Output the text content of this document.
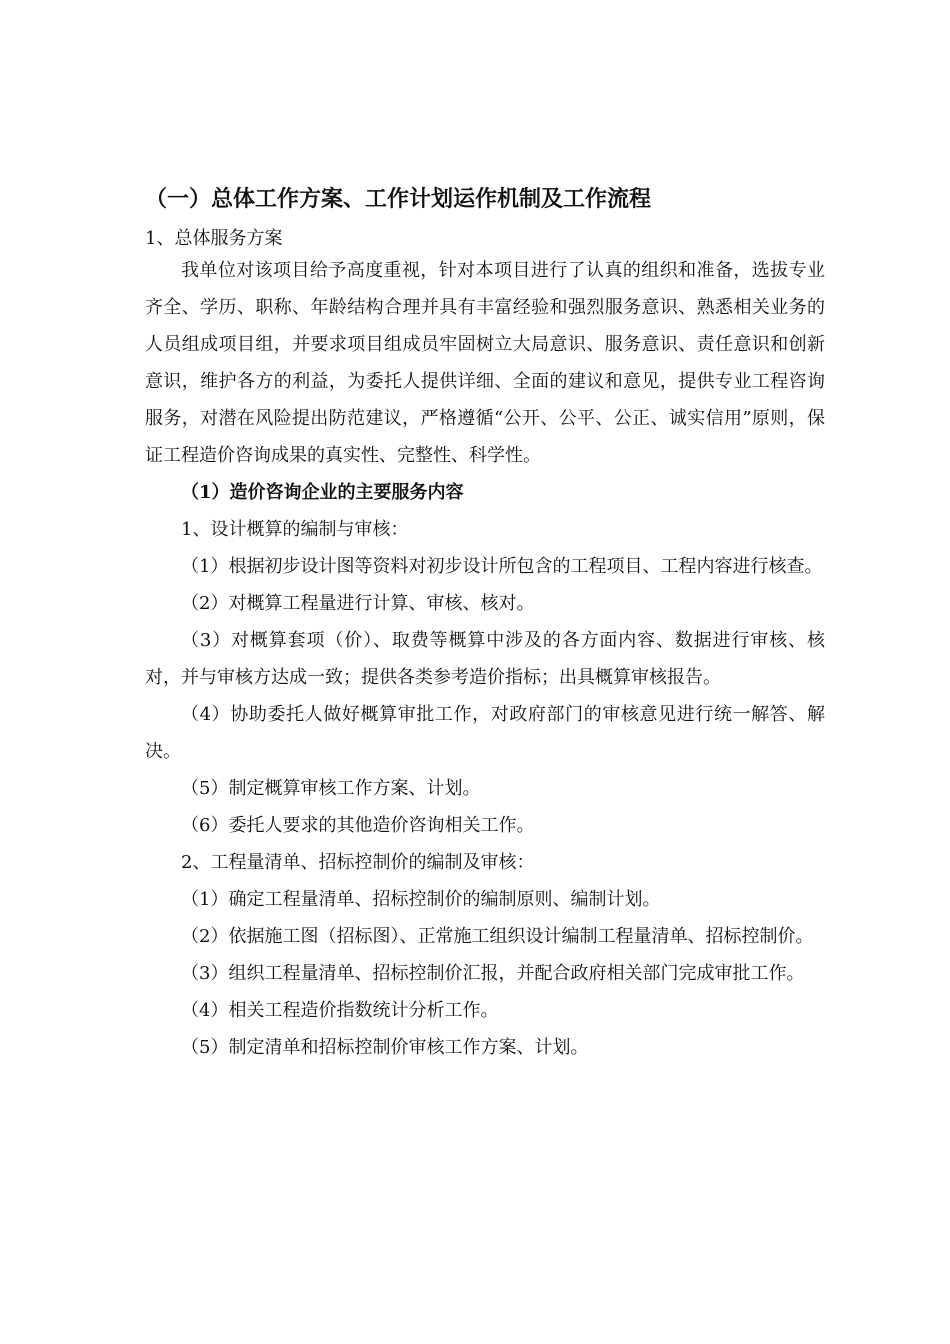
（一）总体工作方案、工作计划运作机制及工作流程

1、总体服务方案

我单位对该项目给予高度重视，针对本项目进行了认真的组织和准备，选拔专业齐全、学历、职称、年龄结构合理并具有丰富经验和强烈服务意识、熟悉相关业务的人员组成项目组，并要求项目组成员牢固树立大局意识、服务意识、责任意识和创新意识，维护各方的利益，为委托人提供详细、全面的建议和意见，提供专业工程咨询服务，对潜在风险提出防范建议，严格遵循“公开、公平、公正、诚实信用”原则，保证工程造价咨询成果的真实性、完整性、科学性。

（1）造价咨询企业的主要服务内容

1、设计概算的编制与审核：

（1）根据初步设计图等资料对初步设计所包含的工程项目、工程内容进行核查。

（2）对概算工程量进行计算、审核、核对。

（3）对概算套项（价）、取费等概算中涉及的各方面内容、数据进行审核、核对，并与审核方达成一致；提供各类参考造价指标；出具概算审核报告。

（4）协助委托人做好概算审批工作，对政府部门的审核意见进行统一解答、解决。

（5）制定概算审核工作方案、计划。

（6）委托人要求的其他造价咨询相关工作。

2、工程量清单、招标控制价的编制及审核：

（1）确定工程量清单、招标控制价的编制原则、编制计划。

（2）依据施工图（招标图）、正常施工组织设计编制工程量清单、招标控制价。

（3）组织工程量清单、招标控制价汇报，并配合政府相关部门完成审批工作。

（4）相关工程造价指数统计分析工作。

（5）制定清单和招标控制价审核工作方案、计划。
